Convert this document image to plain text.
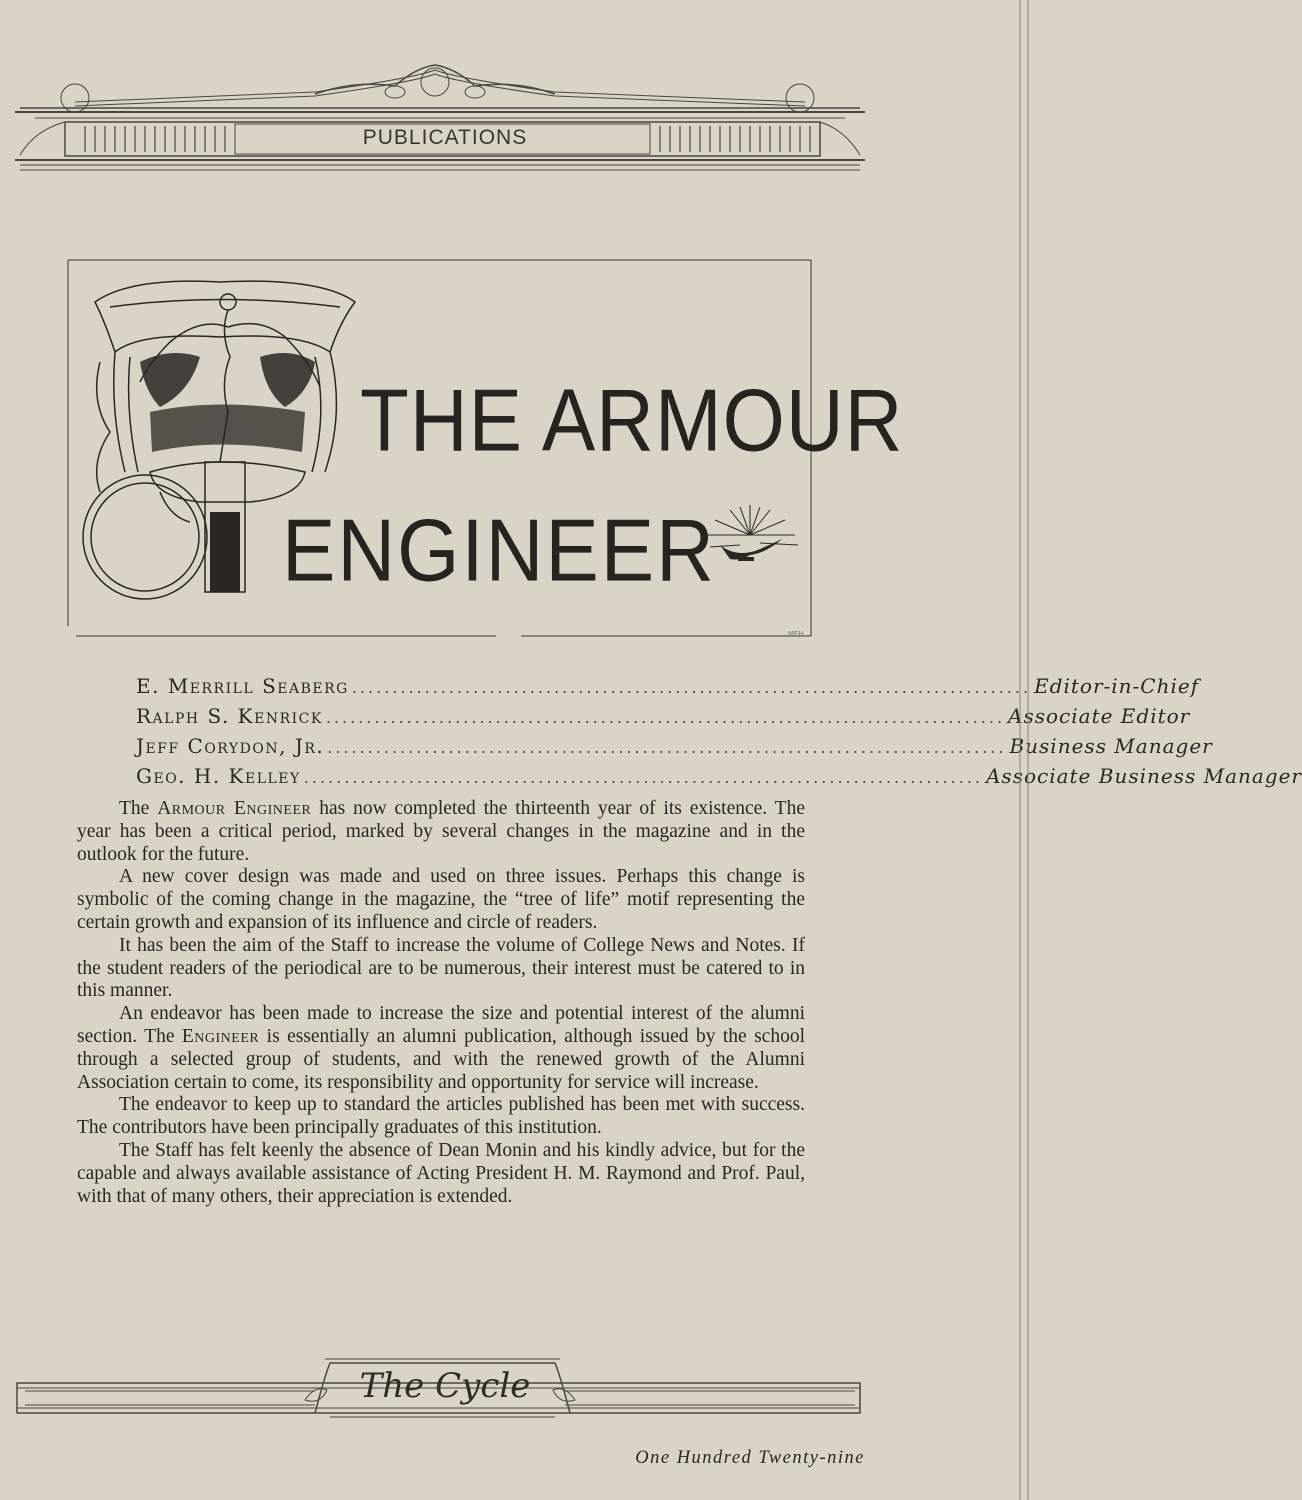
PUBLICATIONS
THE ARMOUR
ENGINEER
MEH
E. Merrill Seaberg .................................................................................... Editor-in-Chief
Ralph S. Kenrick .................................................................................... Associate Editor
Jeff Corydon, Jr. .................................................................................... Business Manager
Geo. H. Kelley .................................................................................... Associate Business Manager

The Armour Engineer has now completed the thirteenth year of its existence. The year has been a critical period, marked by several changes in the magazine and in the outlook for the future.

A new cover design was made and used on three issues. Perhaps this change is symbolic of the coming change in the magazine, the “tree of life” motif representing the certain growth and expansion of its influence and circle of readers.

It has been the aim of the Staff to increase the volume of College News and Notes. If the student readers of the periodical are to be numerous, their interest must be catered to in this manner.

An endeavor has been made to increase the size and potential interest of the alumni section. The Engineer is essentially an alumni publication, although issued by the school through a selected group of students, and with the renewed growth of the Alumni Association certain to come, its responsibility and opportunity for service will increase.

The endeavor to keep up to standard the articles published has been met with success. The contributors have been principally graduates of this institution.

The Staff has felt keenly the absence of Dean Monin and his kindly advice, but for the capable and always available assistance of Acting President H. M. Raymond and Prof. Paul, with that of many others, their appreciation is extended.

The Cycle
One Hundred Twenty-nine
